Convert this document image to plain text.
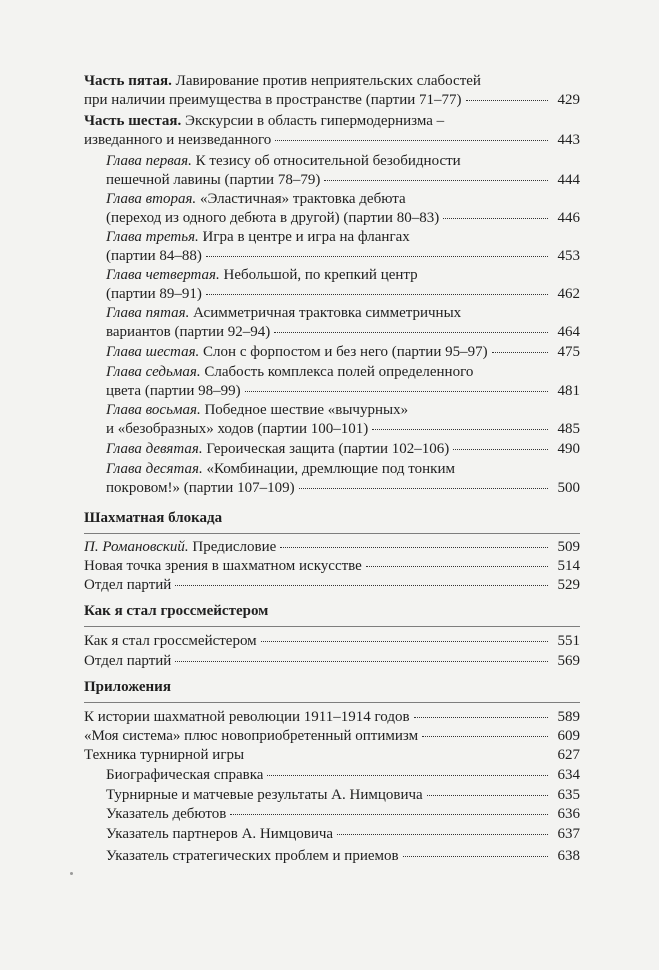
Часть пятая. Лавирование против неприятельских слабостей
при наличии преимущества в пространстве (партии 71–77)	429
Часть шестая. Экскурсии в область гипермодернизма –
изведанного и неизведанного	443
Глава первая. К тезису об относительной безобидности
пешечной лавины (партии 78–79)	444
Глава вторая. «Эластичная» трактовка дебюта
(переход из одного дебюта в другой) (партии 80–83)	446
Глава третья. Игра в центре и игра на флангах
(партии 84–88)	453
Глава четвертая. Небольшой, по крепкий центр
(партии 89–91)	462
Глава пятая. Асимметричная трактовка симметричных
вариантов (партии 92–94)	464
Глава шестая. Слон с форпостом и без него (партии 95–97)	475
Глава седьмая. Слабость комплекса полей определенного
цвета (партии 98–99)	481
Глава восьмая. Победное шествие «вычурных»
и «безобразных» ходов (партии 100–101)	485
Глава девятая. Героическая защита (партии 102–106)	490
Глава десятая. «Комбинации, дремлющие под тонким
покровом!» (партии 107–109)	500
Шахматная блокада
П. Романовский. Предисловие	509
Новая точка зрения в шахматном искусстве	514
Отдел партий	529
Как я стал гроссмейстером
Как я стал гроссмейстером	551
Отдел партий	569
Приложения
К истории шахматной революции 1911–1914 годов	589
«Моя система» плюс новоприобретенный оптимизм	609
Техника турнирной игры	627
Биографическая справка	634
Турнирные и матчевые результаты А. Нимцовича	635
Указатель дебютов	636
Указатель партнеров А. Нимцовича	637
Указатель стратегических проблем и приемов	638
